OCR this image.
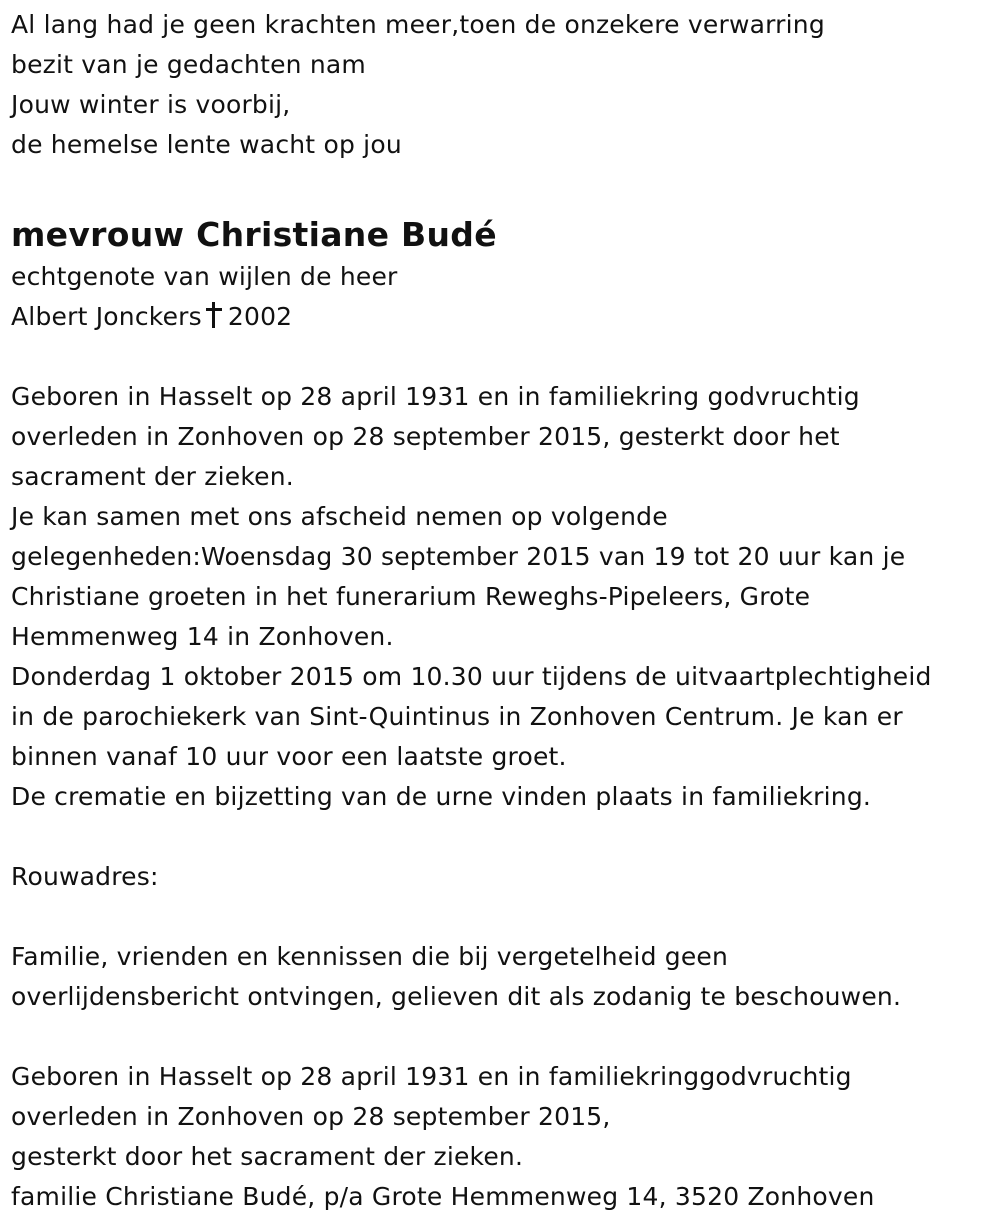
Al lang had je geen krachten meer,toen de onzekere verwarring
bezit van je gedachten nam
Jouw winter is voorbij,
de hemelse lente wacht op jou
mevrouw Christiane Budé
echtgenote van wijlen de heer
Albert Jonckers 2002
Geboren in Hasselt op 28 april 1931 en in familiekring godvruchtig
overleden in Zonhoven op 28 september 2015, gesterkt door het
sacrament der zieken.
Je kan samen met ons afscheid nemen op volgende
gelegenheden:Woensdag 30 september 2015 van 19 tot 20 uur kan je
Christiane groeten in het funerarium Reweghs-Pipeleers, Grote
Hemmenweg 14 in Zonhoven.
Donderdag 1 oktober 2015 om 10.30 uur tijdens de uitvaartplechtigheid
in de parochiekerk van Sint-Quintinus in Zonhoven Centrum. Je kan er
binnen vanaf 10 uur voor een laatste groet.
De crematie en bijzetting van de urne vinden plaats in familiekring.
Rouwadres:
Familie, vrienden en kennissen die bij vergetelheid geen
overlijdensbericht ontvingen, gelieven dit als zodanig te beschouwen.
Geboren in Hasselt op 28 april 1931 en in familiekringgodvruchtig
overleden in Zonhoven op 28 september 2015,
gesterkt door het sacrament der zieken.
familie Christiane Budé, p/a Grote Hemmenweg 14, 3520 Zonhoven
